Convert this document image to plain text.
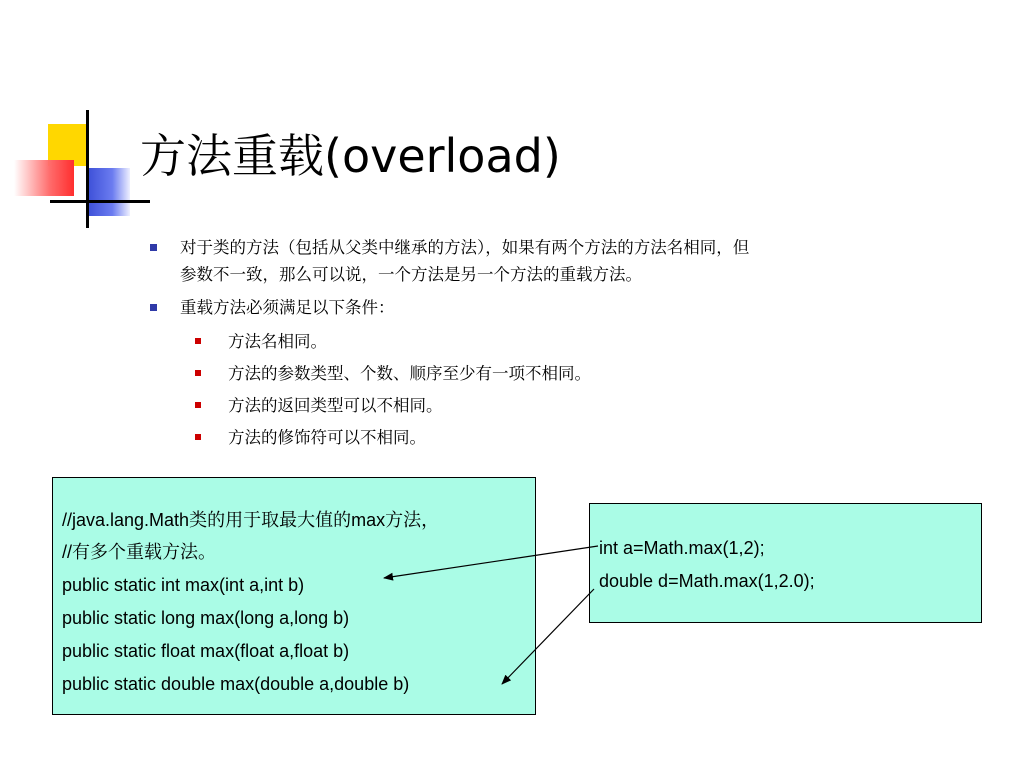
方法重载(overload)
对于类的方法（包括从父类中继承的方法），如果有两个方法的方法名相同，但
参数不一致，那么可以说，一个方法是另一个方法的重载方法。
重载方法必须满足以下条件：
方法名相同。
方法的参数类型、个数、顺序至少有一项不相同。
方法的返回类型可以不相同。
方法的修饰符可以不相同。
//java.lang.Math类的用于取最大值的max方法，
//有多个重载方法。
public static int max(int a,int b)
public static long max(long a,long b)
public static float max(float a,float b)
public static double max(double a,double b)
int a=Math.max(1,2);
double d=Math.max(1,2.0);
